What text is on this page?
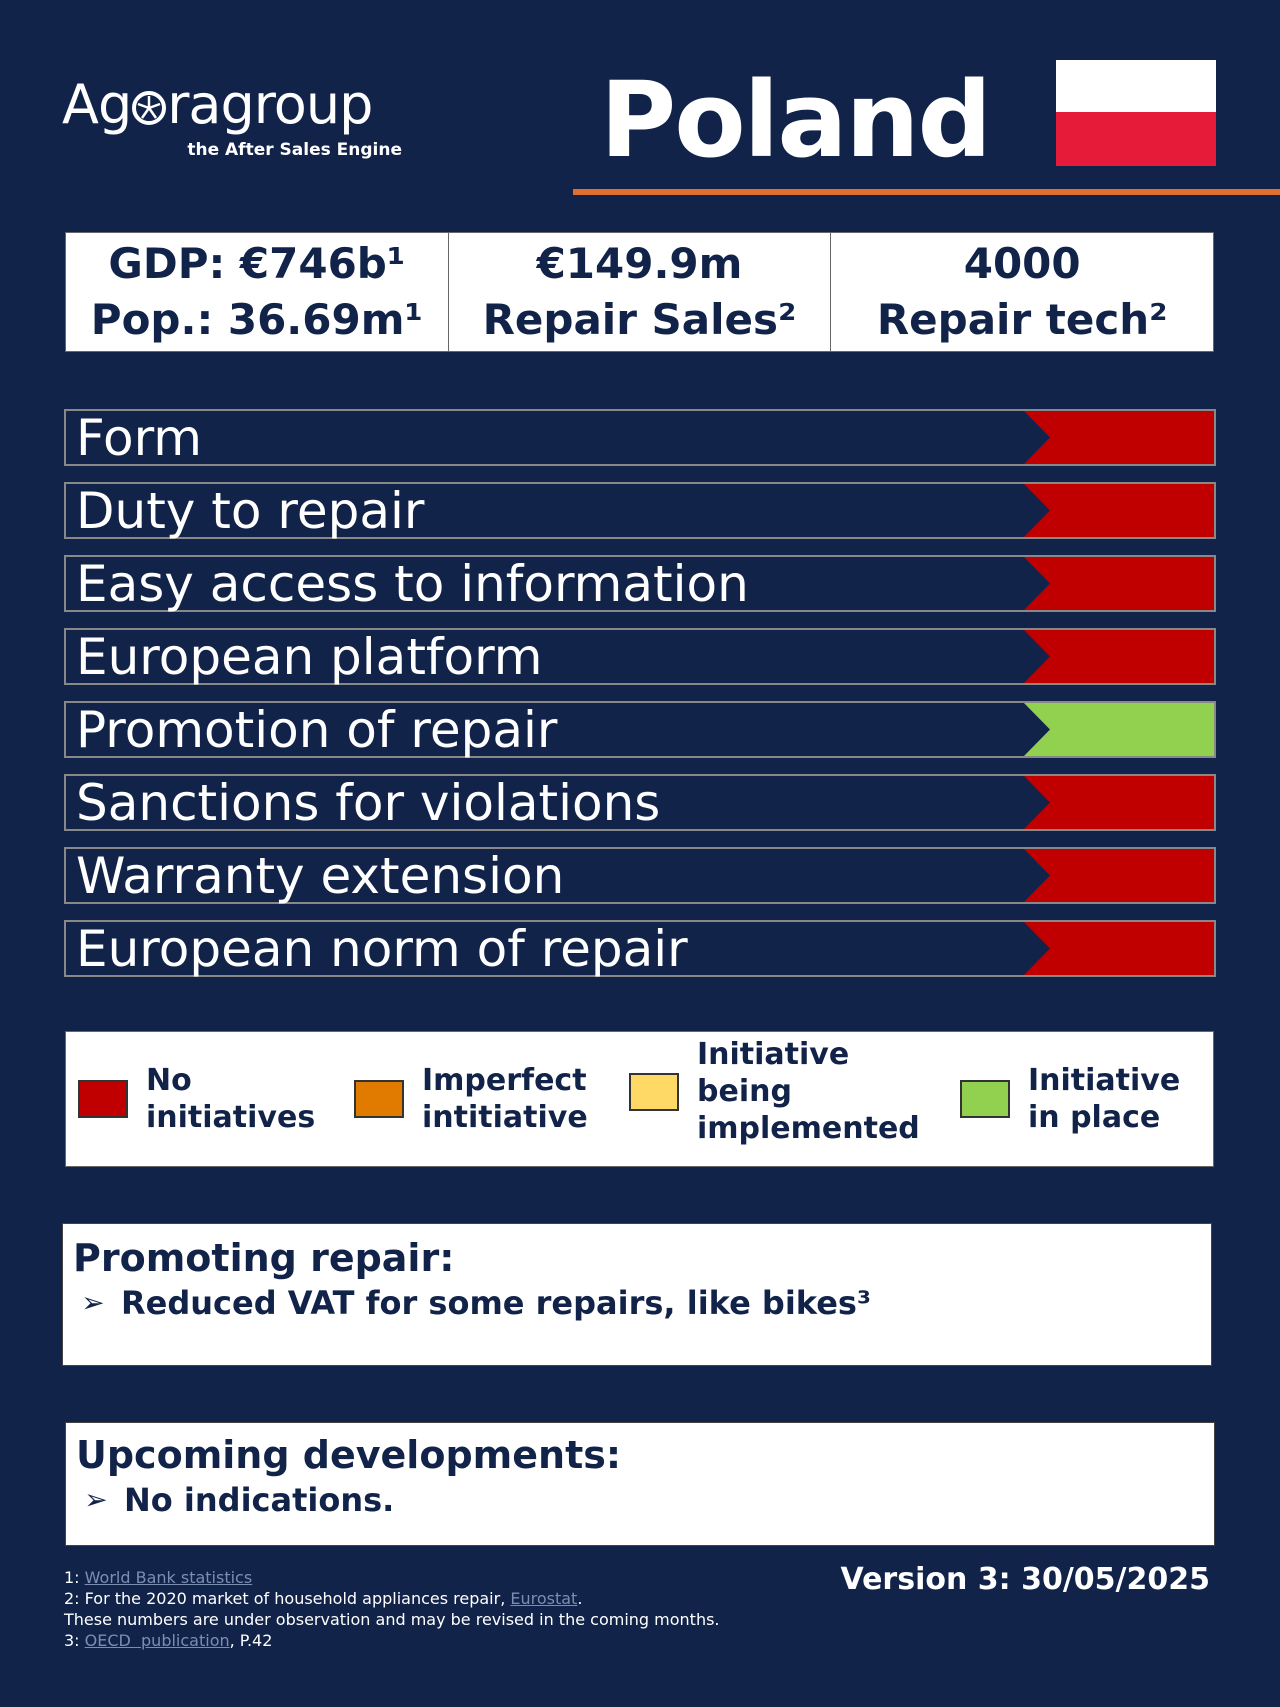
Ag ragroup
the After Sales Engine Poland
GDP: €746b¹
Pop.: 36.69m¹
€149.9m
Repair Sales²
4000
Repair tech²
Form
Duty to repair
Easy access to information
European platform
Promotion of repair
Sanctions for violations
Warranty extension
European norm of repair
No
initiatives
Imperfect
intitiative
Initiative
being
implemented
Initiative
in place
Promoting repair:
➢ Reduced VAT for some repairs, like bikes³
Upcoming developments:
➢ No indications.
1: World Bank statistics
2: For the 2020 market of household appliances repair, Eurostat.
These numbers are under observation and may be revised in the coming months.
3: OECD  publication, P.42
Version 3: 30/05/2025
